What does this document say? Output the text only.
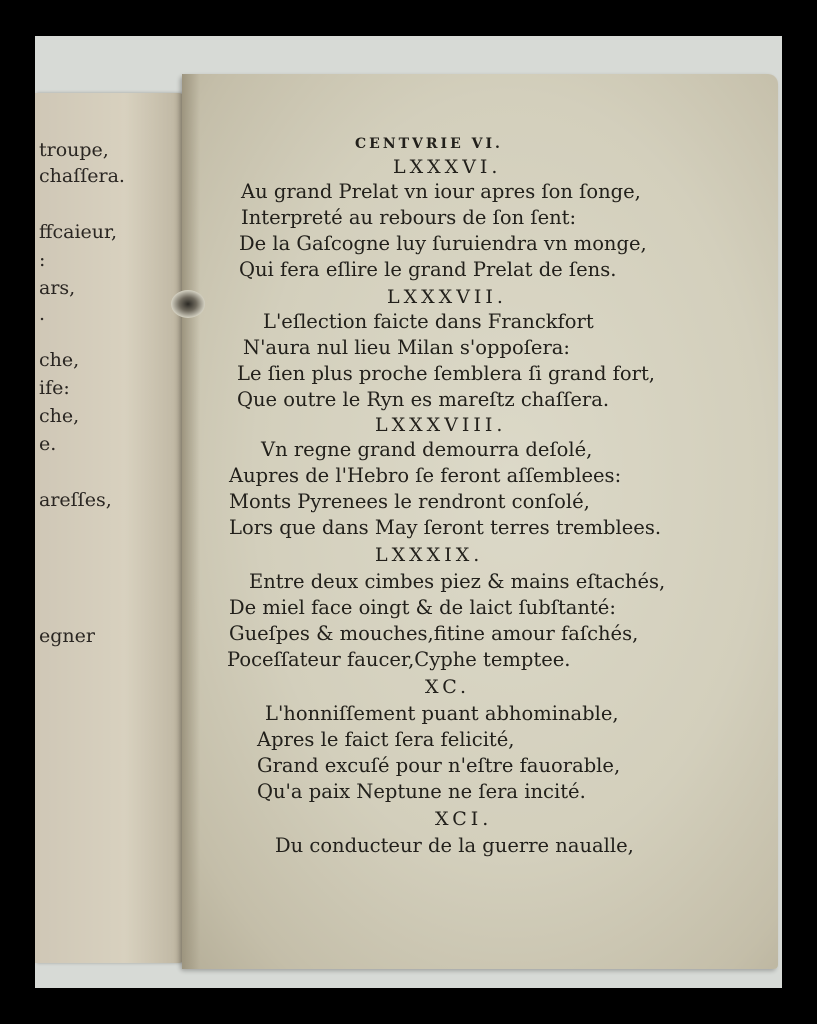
troupe,
chaſſera.
ffcaieur,
:
ars,
.
che,
ife:
che,
e.
areſſes,
egner
CENTVRIE VI.
LXXXVI.
Au grand Prelat vn iour apres ſon ſonge,
Interpreté au rebours de ſon ſent:
De la Gaſcogne luy ſuruiendra vn monge,
Qui fera eſlire le grand Prelat de ſens.
LXXXVII.
L'eſlection faicte dans Franckfort
N'aura nul lieu Milan s'oppoſera:
Le ſien plus proche ſemblera ſi grand fort,
Que outre le Ryn es mareſtz chaſſera.
LXXXVIII.
Vn regne grand demourra deſolé,
Aupres de l'Hebro ſe feront aſſemblees:
Monts Pyrenees le rendront conſolé,
Lors que dans May ſeront terres tremblees.
LXXXIX.
Entre deux cimbes piez & mains eſtachés,
De miel face oingt & de laict ſubſtanté:
Gueſpes & mouches,fitine amour faſchés,
Poceſſateur faucer,Cyphe temptee.
XC.
L'honniſſement puant abhominable,
Apres le faict ſera felicité,
Grand excuſé pour n'eſtre fauorable,
Qu'a paix Neptune ne ſera incité.
XCI.
Du conducteur de la guerre naualle,
